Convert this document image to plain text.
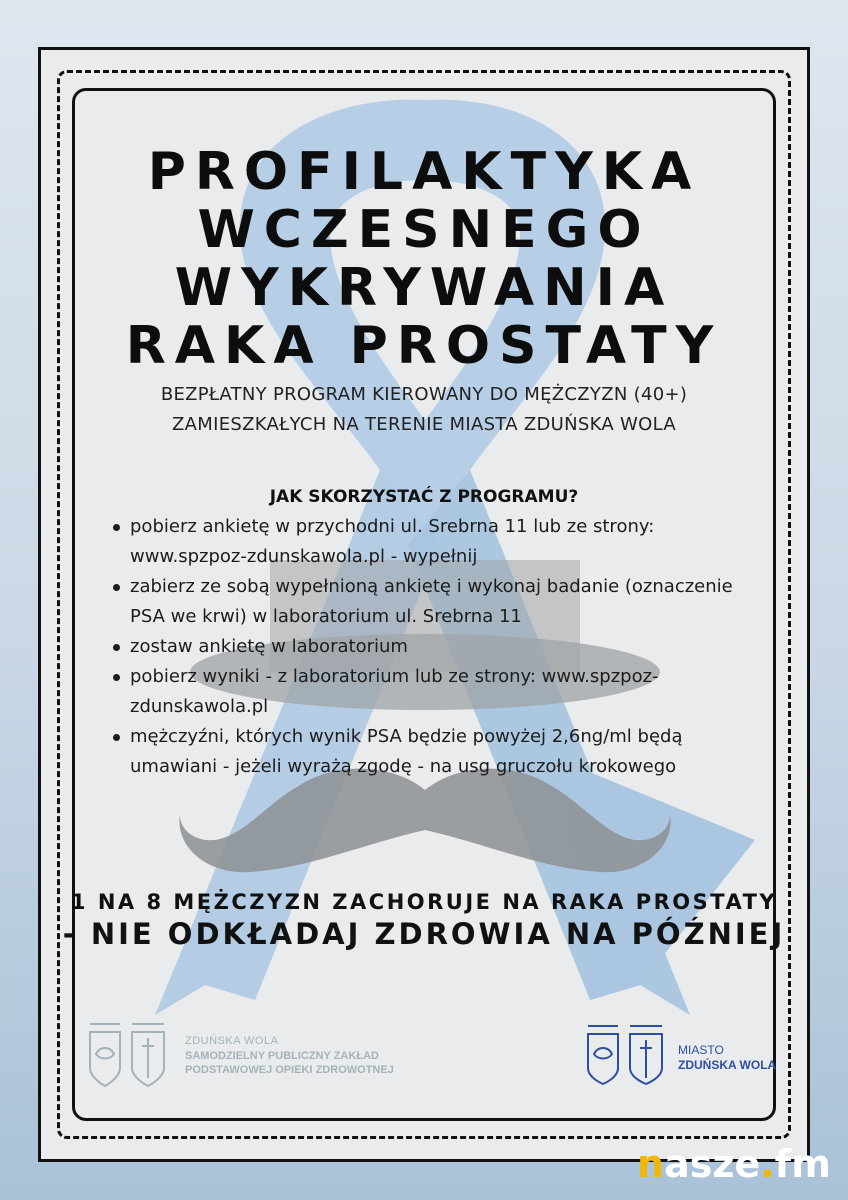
PROFILAKTYKA
WCZESNEGO
WYKRYWANIA
RAKA PROSTATY
BEZPŁATNY PROGRAM KIEROWANY DO MĘŻCZYZN (40+)
ZAMIESZKAŁYCH NA TERENIE MIASTA ZDUŃSKA WOLA
JAK SKORZYSTAĆ Z PROGRAMU?
pobierz ankietę w przychodni ul. Srebrna 11 lub ze strony: www.spzpoz-zdunskawola.pl - wypełnij
zabierz ze sobą wypełnioną ankietę i wykonaj badanie (oznaczenie PSA we krwi) w laboratorium ul. Srebrna 11
zostaw ankietę w laboratorium
pobierz wyniki - z laboratorium lub ze strony: www.spzpoz-zdunskawola.pl
mężczyźni, których wynik PSA będzie powyżej 2,6ng/ml będą umawiani - jeżeli wyrażą zgodę - na usg gruczołu krokowego
1 NA 8 MĘŻCZYZN ZACHORUJE NA RAKA PROSTATY
- NIE ODKŁADAJ ZDROWIA NA PÓŹNIEJ
ZDUŃSKA WOLA
SAMODZIELNY PUBLICZNY ZAKŁAD
PODSTAWOWEJ OPIEKI ZDROWOTNEJ
MIASTO
ZDUŃSKA WOLA
nasze.fm
